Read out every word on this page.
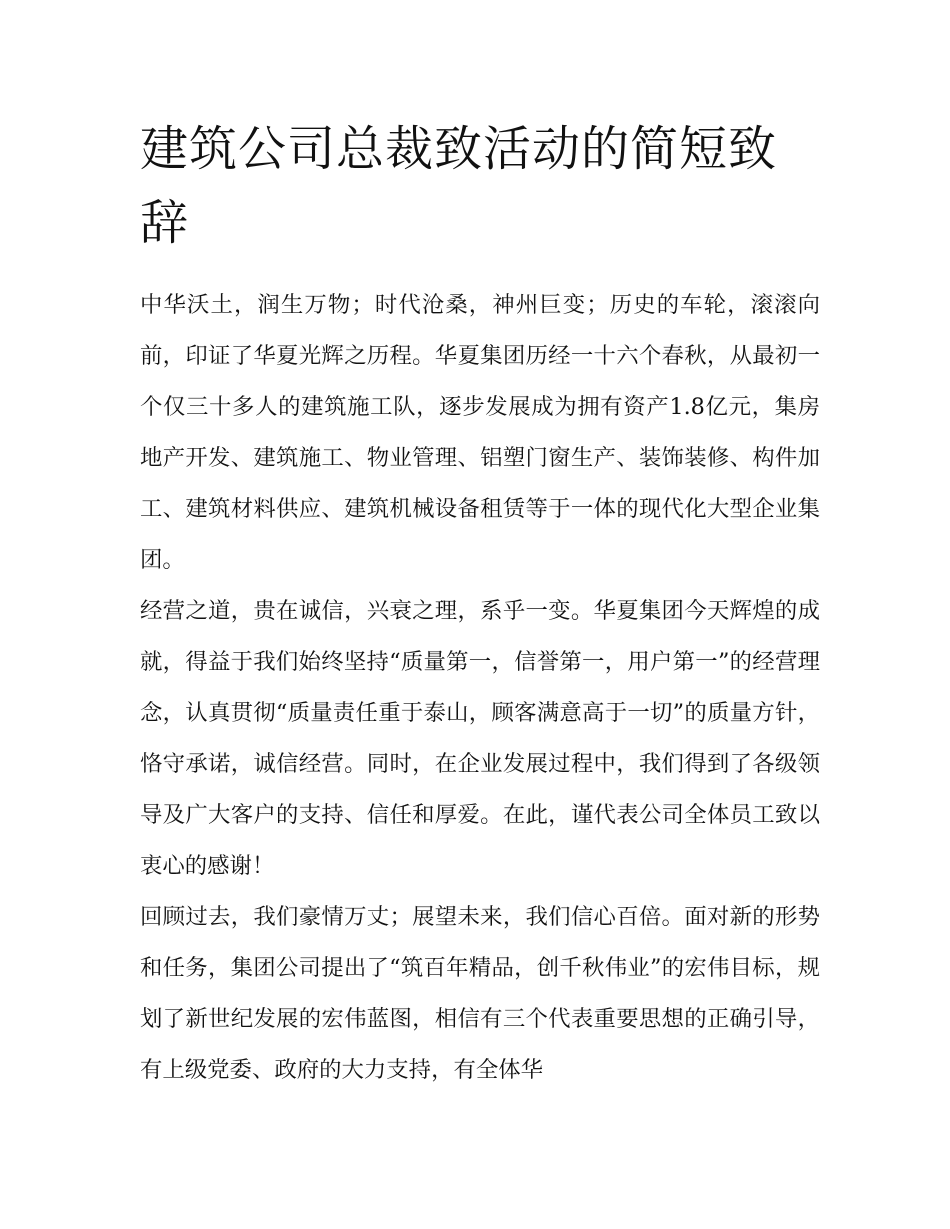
建筑公司总裁致活动的简短致辞

中华沃土，润生万物；时代沧桑，神州巨变；历史的车轮，滚滚向前，印证了华夏光辉之历程。华夏集团历经一十六个春秋，从最初一个仅三十多人的建筑施工队，逐步发展成为拥有资产1.8亿元，集房地产开发、建筑施工、物业管理、铝塑门窗生产、装饰装修、构件加工、建筑材料供应、建筑机械设备租赁等于一体的现代化大型企业集团。

经营之道，贵在诚信，兴衰之理，系乎一变。华夏集团今天辉煌的成就，得益于我们始终坚持“质量第一，信誉第一，用户第一”的经营理念，认真贯彻“质量责任重于泰山，顾客满意高于一切”的质量方针，恪守承诺，诚信经营。同时，在企业发展过程中，我们得到了各级领导及广大客户的支持、信任和厚爱。在此，谨代表公司全体员工致以衷心的感谢！

回顾过去，我们豪情万丈；展望未来，我们信心百倍。面对新的形势和任务，集团公司提出了“筑百年精品，创千秋伟业”的宏伟目标，规划了新世纪发展的宏伟蓝图，相信有三个代表重要思想的正确引导，有上级党委、政府的大力支持，有全体华
